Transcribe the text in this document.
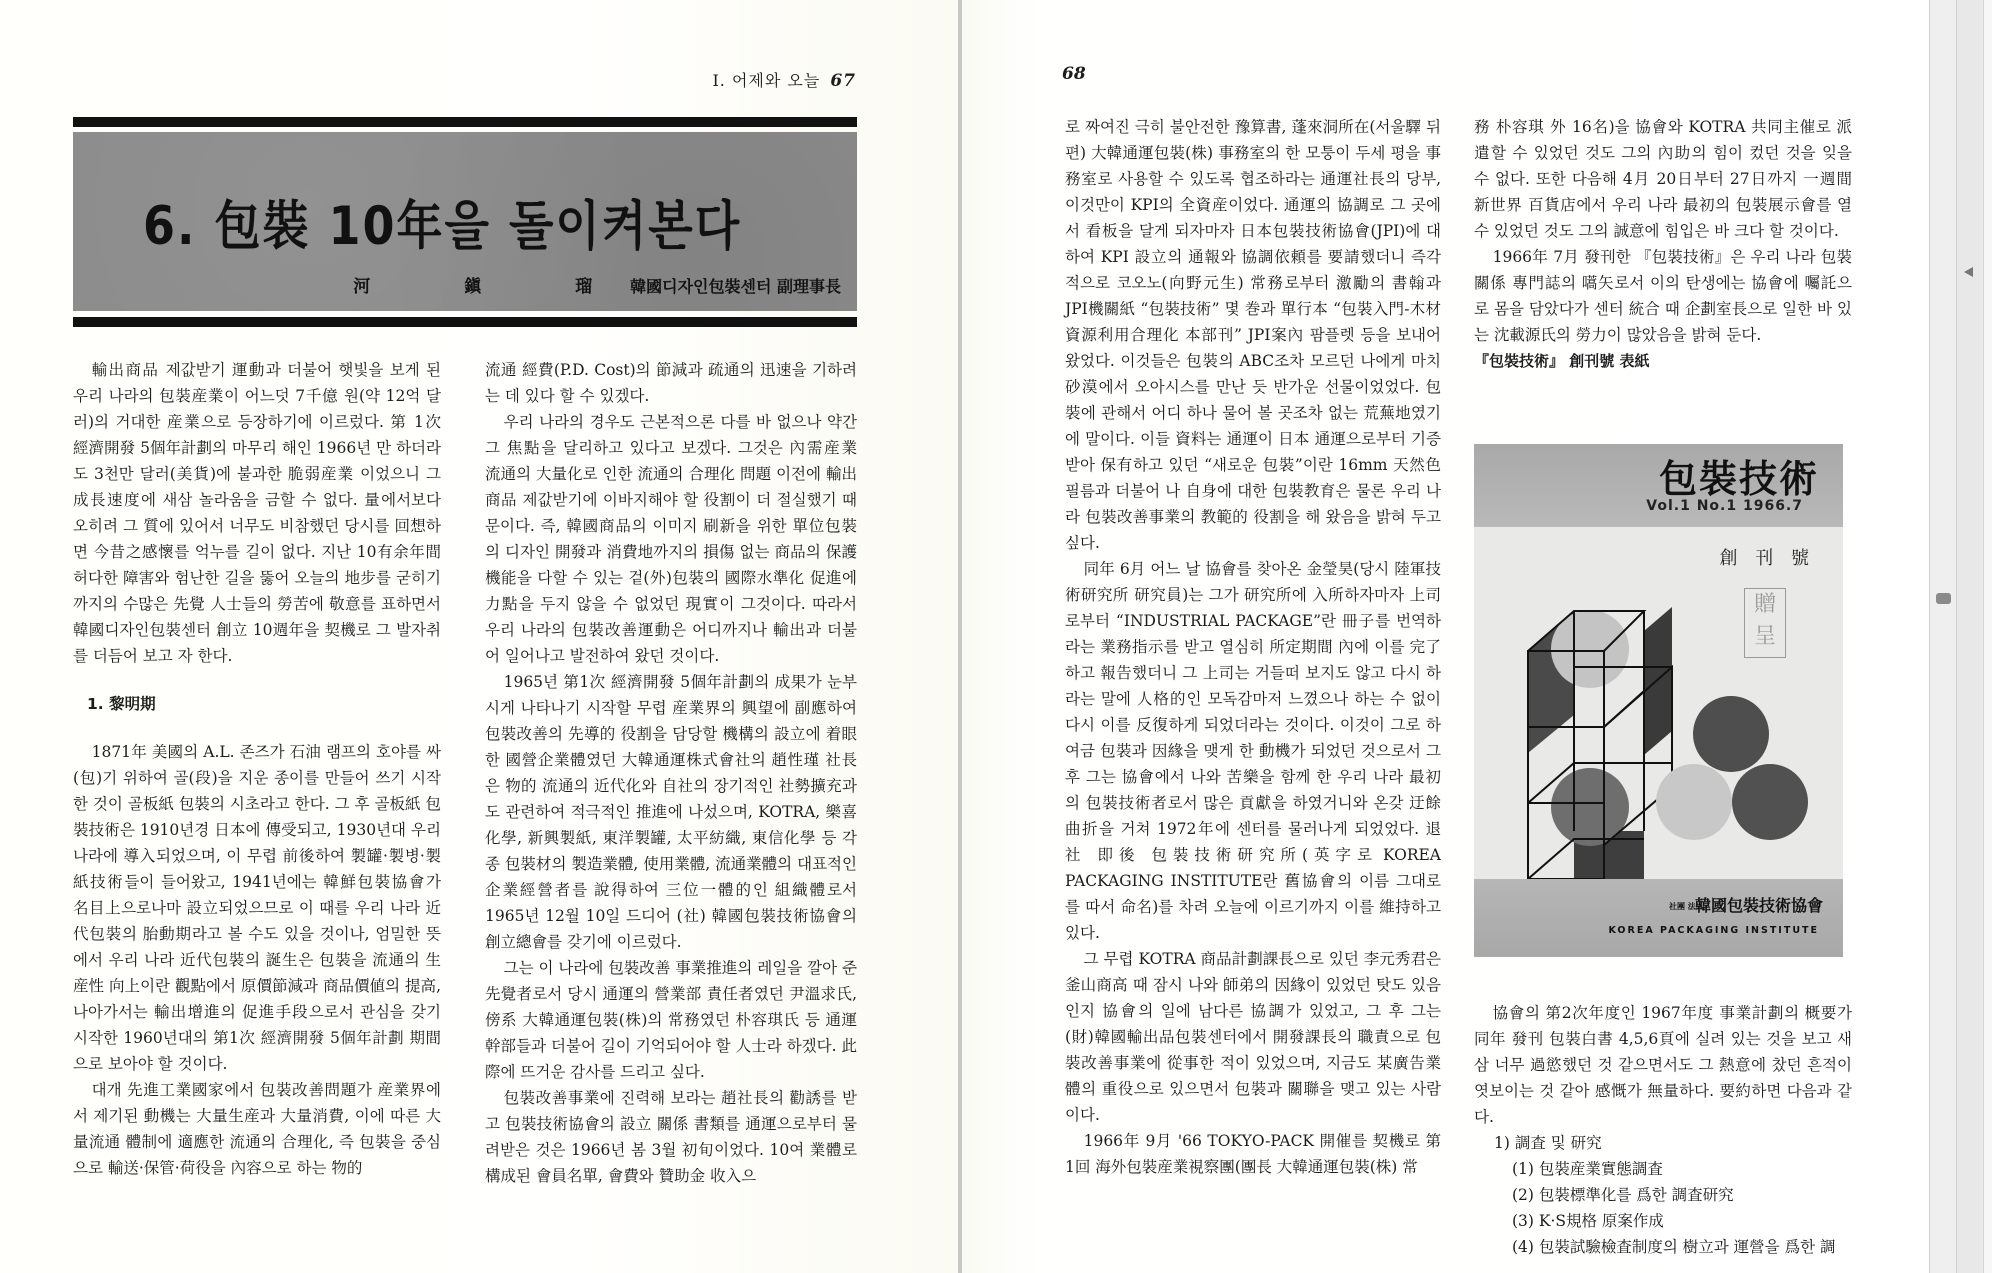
Ⅰ. 어제와 오늘 67
6. 包裝 10年을 돌이켜본다
河 鎭 瑠韓國디자인包裝센터 副理事長

輸出商品 제값받기 運動과 더불어 햇빛을 보게 된 우리 나라의 包裝産業이 어느덧 7千億 원(약 12억 달러)의 거대한 産業으로 등장하기에 이르렀다. 第 1次 經濟開發 5個年計劃의 마무리 해인 1966년 만 하더라도 3천만 달러(美貨)에 불과한 脆弱産業 이었으니 그 成長速度에 새삼 놀라움을 금할 수 없다. 量에서보다 오히려 그 質에 있어서 너무도 비참했던 당시를 回想하면 今昔之感懷를 억누를 길이 없다. 지난 10有余年間 허다한 障害와 험난한 길을 뚫어 오늘의 地步를 굳히기까지의 수많은 先覺 人士들의 勞苦에 敬意를 표하면서 韓國디자인包裝센터 創立 10週年을 契機로 그 발자취를 더듬어 보고 자 한다.

1. 黎明期

1871年 美國의 A.L. 존즈가 石油 램프의 호야를 싸(包)기 위하여 골(段)을 지운 종이를 만들어 쓰기 시작한 것이 골板紙 包裝의 시초라고 한다. 그 후 골板紙 包裝技術은 1910년경 日本에 傳受되고, 1930년대 우리 나라에 導入되었으며, 이 무렵 前後하여 製罐·製병·製紙技術들이 들어왔고, 1941년에는 韓鮮包裝協會가 名目上으로나마 設立되었으므로 이 때를 우리 나라 近代包裝의 胎動期라고 볼 수도 있을 것이나, 엄밀한 뜻에서 우리 나라 近代包裝의 誕生은 包裝을 流通의 生産性 向上이란 觀點에서 原價節減과 商品價値의 提高, 나아가서는 輸出增進의 促進手段으로서 관심을 갖기 시작한 1960년대의 第1次 經濟開發 5個年計劃 期間으로 보아야 할 것이다.

대개 先進工業國家에서 包裝改善問題가 産業界에서 제기된 動機는 大量生産과 大量消費, 이에 따른 大量流通 體制에 適應한 流通의 合理化, 즉 包裝을 중심으로 輸送·保管·荷役을 內容으로 하는 物的

流通 經費(P.D. Cost)의 節減과 疏通의 迅速을 기하려는 데 있다 할 수 있겠다.

우리 나라의 경우도 근본적으론 다를 바 없으나 약간 그 焦點을 달리하고 있다고 보겠다. 그것은 內需産業 流通의 大量化로 인한 流通의 合理化 問題 이전에 輸出商品 제값받기에 이바지해야 할 役割이 더 절실했기 때문이다. 즉, 韓國商品의 이미지 刷新을 위한 單位包裝의 디자인 開發과 消費地까지의 損傷 없는 商品의 保護機能을 다할 수 있는 겉(外)包裝의 國際水準化 促進에 力點을 두지 않을 수 없었던 現實이 그것이다. 따라서 우리 나라의 包裝改善運動은 어디까지나 輸出과 더불어 일어나고 발전하여 왔던 것이다.

1965년 第1次 經濟開發 5個年計劃의 成果가 눈부시게 나타나기 시작할 무렵 産業界의 興望에 副應하여 包裝改善의 先導的 役割을 담당할 機構의 設立에 着眼한 國營企業體였던 大韓通運株式會社의 趙性瑾 社長은 物的 流通의 近代化와 自社의 장기적인 社勢擴充과도 관련하여 적극적인 推進에 나섰으며, KOTRA, 樂喜化學, 新興製紙, 東洋製罐, 太平紡織, 東信化學 등 각종 包裝材의 製造業體, 使用業體, 流通業體의 대표적인 企業經營者를 說得하여 三位一體的인 組織體로서 1965년 12월 10일 드디어 (社) 韓國包裝技術協會의 創立總會를 갖기에 이르렀다.

그는 이 나라에 包裝改善 事業推進의 레일을 깔아 준 先覺者로서 당시 通運의 營業部 責任者였던 尹溫求氏, 傍系 大韓通運包裝(株)의 常務였던 朴容琪氏 등 通運 幹部들과 더불어 길이 기억되어야 할 人士라 하겠다. 此際에 뜨거운 감사를 드리고 싶다.

包裝改善事業에 진력해 보라는 趙社長의 勸誘를 받고 包裝技術協會의 設立 關係 書類를 通運으로부터 물려받은 것은 1966년 봄 3월 初旬이었다. 10여 業體로 構成된 會員名單, 會費와 贊助金 收入으

68

로 짜여진 극히 불안전한 豫算書, 蓬來洞所在(서울驛 뒤편) 大韓通運包裝(株) 事務室의 한 모퉁이 두세 평을 事務室로 사용할 수 있도록 협조하라는 通運社長의 당부, 이것만이 KPI의 全資産이었다. 通運의 協調로 그 곳에서 看板을 달게 되자마자 日本包裝技術協會(JPI)에 대하여 KPI 設立의 通報와 協調依頼를 要請했더니 즉각적으로 코오노(向野元生) 常務로부터 激勵의 書翰과 JPI機關紙 “包裝技術” 몇 巻과 單行本 “包裝入門-木材資源利用合理化 本部刊” JPI案內 팜플렛 등을 보내어 왔었다. 이것들은 包裝의 ABC조차 모르던 나에게 마치 砂漠에서 오아시스를 만난 듯 반가운 선물이었었다. 包裝에 관해서 어디 하나 물어 볼 곳조차 없는 荒蕪地였기에 말이다. 이들 資料는 通運이 日本 通運으로부터 기증받아 保有하고 있던 “새로운 包裝”이란 16mm 天然色 필름과 더불어 나 自身에 대한 包裝教育은 물론 우리 나라 包裝改善事業의 教範的 役割을 해 왔음을 밝혀 두고 싶다.

同年 6月 어느 날 協會를 찾아온 金瑩昊(당시 陸軍技術研究所 研究員)는 그가 研究所에 入所하자마자 上司로부터 “INDUSTRIAL PACKAGE”란 冊子를 번역하라는 業務指示를 받고 열심히 所定期間 內에 이를 完了하고 報告했더니 그 上司는 거들떠 보지도 않고 다시 하라는 말에 人格的인 모독감마저 느꼈으나 하는 수 없이 다시 이를 反復하게 되었더라는 것이다. 이것이 그로 하여금 包裝과 因緣을 맺게 한 動機가 되었던 것으로서 그 후 그는 協會에서 나와 苦樂을 함께 한 우리 나라 最初의 包裝技術者로서 많은 貢獻을 하였거니와 온갖 迂餘曲折을 거쳐 1972年에 센터를 물러나게 되었었다. 退社 即後 包裝技術研究所(英字로 KOREA PACKAGING INSTITUTE란 舊協會의 이름 그대로를 따서 命名)를 차려 오늘에 이르기까지 이를 維持하고 있다.

그 무렵 KOTRA 商品計劃課長으로 있던 李元秀君은 釜山商高 때 잠시 나와 師弟의 因緣이 있었던 탓도 있음인지 協會의 일에 남다른 協調가 있었고, 그 후 그는 (財)韓國輸出品包裝센터에서 開發課長의 職責으로 包裝改善事業에 從事한 적이 있었으며, 지금도 某廣告業體의 重役으로 있으면서 包裝과 關聯을 맺고 있는 사람이다.

1966年 9月 '66 TOKYO-PACK 開催를 契機로 第 1回 海外包裝産業視察團(團長 大韓通運包裝(株) 常

務 朴容琪 外 16名)을 協會와 KOTRA 共同主催로 派遣할 수 있었던 것도 그의 內助의 힘이 컸던 것을 잊을 수 없다. 또한 다음해 4月 20日부터 27日까지 一週間 新世界 百貨店에서 우리 나라 最初의 包裝展示會를 열 수 있었던 것도 그의 誠意에 힘입은 바 크다 할 것이다.

1966年 7月 發刊한 『包裝技術』은 우리 나라 包裝關係 專門誌의 嚆矢로서 이의 탄생에는 協會에 囑託으로 몸을 담았다가 센터 統合 때 企劃室長으로 일한 바 있는 沈載源氏의 勞力이 많았음을 밝혀 둔다.

『包裝技術』 創刊號 表紙

包裝技術
Vol.1 No.1 1966.7
創 刊 號
贈呈
社團 法人韓國包裝技術協會
KOREA PACKAGING INSTITUTE

協會의 第2次年度인 1967年度 事業計劃의 概要가 同年 發刊 包裝白書 4,5,6頁에 실려 있는 것을 보고 새삼 너무 過慾했던 것 같으면서도 그 熱意에 찼던 흔적이 엿보이는 것 같아 感慨가 無量하다. 要約하면 다음과 같다.

1) 調査 및 研究

(1) 包裝産業實態調査

(2) 包裝標準化를 爲한 調査研究

(3) K·S規格 原案作成

(4) 包裝試驗檢査制度의 樹立과 運營을 爲한 調
